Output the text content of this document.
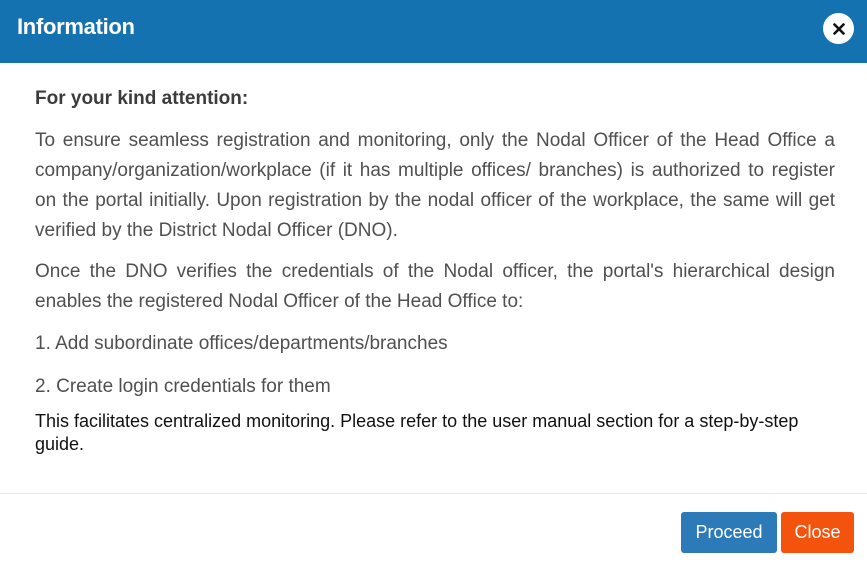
Information

For your kind attention:

To ensure seamless registration and monitoring, only the Nodal Officer of the Head Office a company/organization/workplace (if it has multiple offices/ branches) is authorized to register on the portal initially. Upon registration by the nodal officer of the workplace, the same will get verified by the District Nodal Officer (DNO).

Once the DNO verifies the credentials of the Nodal officer, the portal's hierarchical design enables the registered Nodal Officer of the Head Office to:

1. Add subordinate offices/departments/branches

2. Create login credentials for them

This facilitates centralized monitoring. Please refer to the user manual section for a step-by-step guide.

Proceed	Close
